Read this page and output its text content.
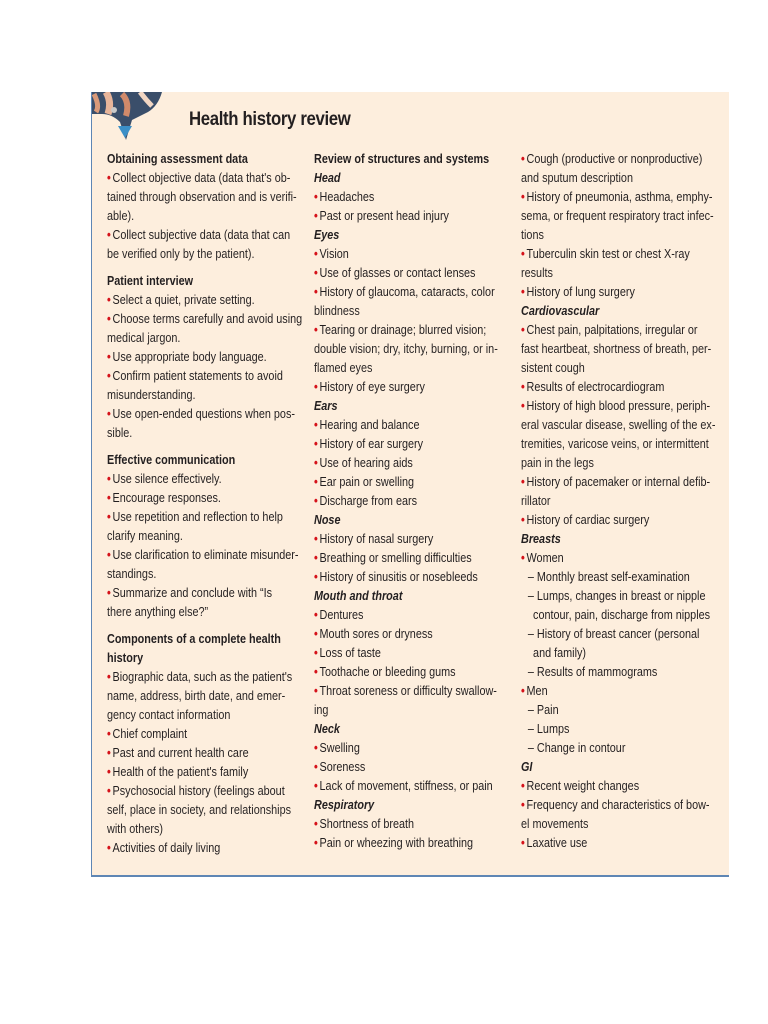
Health history review

Obtaining assessment data

• Collect objective data (data that's ob-

tained through observation and is verifi-

able).

• Collect subjective data (data that can

be verified only by the patient).

Patient interview

• Select a quiet, private setting.

• Choose terms carefully and avoid using

medical jargon.

• Use appropriate body language.

• Confirm patient statements to avoid

misunderstanding.

• Use open-ended questions when pos-

sible.

Effective communication

• Use silence effectively.

• Encourage responses.

• Use repetition and reflection to help

clarify meaning.

• Use clarification to eliminate misunder-

standings.

• Summarize and conclude with “Is

there anything else?”

Components of a complete health

history

• Biographic data, such as the patient's

name, address, birth date, and emer-

gency contact information

• Chief complaint

• Past and current health care

• Health of the patient's family

• Psychosocial history (feelings about

self, place in society, and relationships

with others)

• Activities of daily living

Review of structures and systems

Head

• Headaches

• Past or present head injury

Eyes

• Vision

• Use of glasses or contact lenses

• History of glaucoma, cataracts, color

blindness

• Tearing or drainage; blurred vision;

double vision; dry, itchy, burning, or in-

flamed eyes

• History of eye surgery

Ears

• Hearing and balance

• History of ear surgery

• Use of hearing aids

• Ear pain or swelling

• Discharge from ears

Nose

• History of nasal surgery

• Breathing or smelling difficulties

• History of sinusitis or nosebleeds

Mouth and throat

• Dentures

• Mouth sores or dryness

• Loss of taste

• Toothache or bleeding gums

• Throat soreness or difficulty swallow-

ing

Neck

• Swelling

• Soreness

• Lack of movement, stiffness, or pain

Respiratory

• Shortness of breath

• Pain or wheezing with breathing

• Cough (productive or nonproductive)

and sputum description

• History of pneumonia, asthma, emphy-

sema, or frequent respiratory tract infec-

tions

• Tuberculin skin test or chest X-ray

results

• History of lung surgery

Cardiovascular

• Chest pain, palpitations, irregular or

fast heartbeat, shortness of breath, per-

sistent cough

• Results of electrocardiogram

• History of high blood pressure, periph-

eral vascular disease, swelling of the ex-

tremities, varicose veins, or intermittent

pain in the legs

• History of pacemaker or internal defib-

rillator

• History of cardiac surgery

Breasts

• Women

– Monthly breast self-examination

– Lumps, changes in breast or nipple

contour, pain, discharge from nipples

– History of breast cancer (personal

and family)

– Results of mammograms

• Men

– Pain

– Lumps

– Change in contour

GI

• Recent weight changes

• Frequency and characteristics of bow-

el movements

• Laxative use
